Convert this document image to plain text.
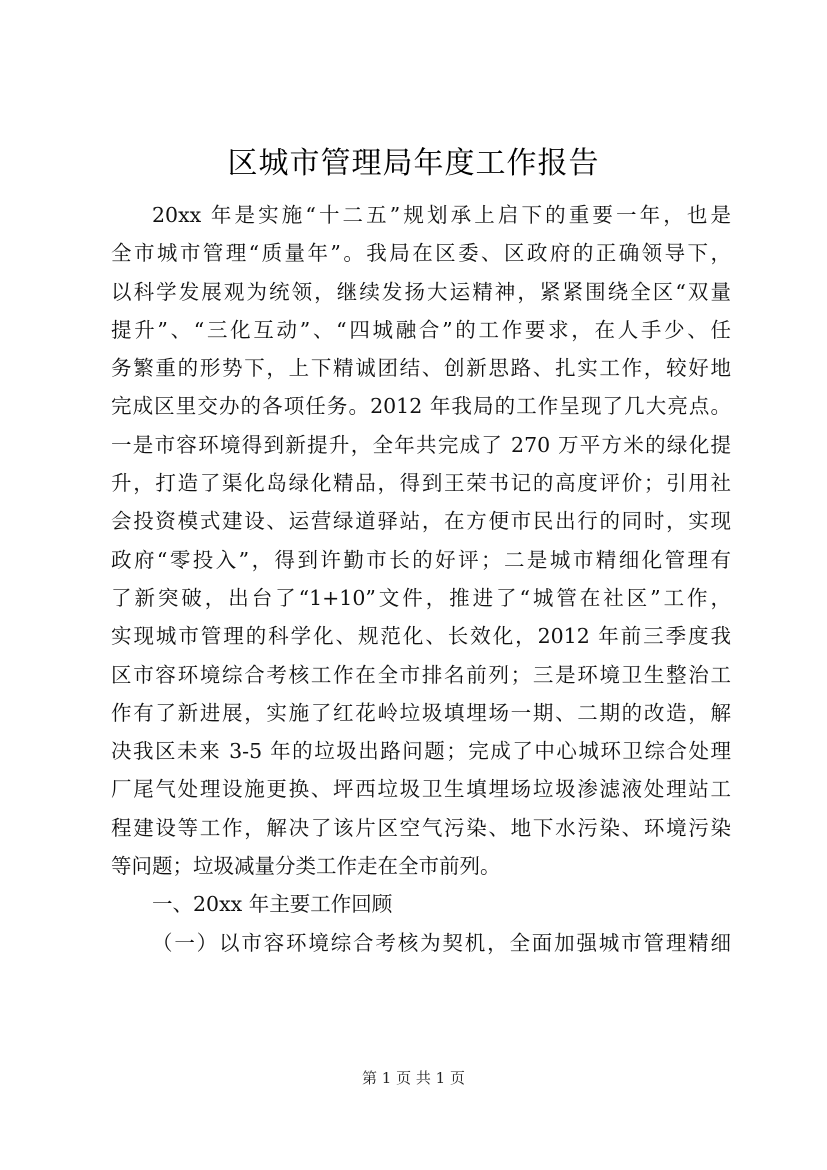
区城市管理局年度工作报告
20xx 年是实施“十二五”规划承上启下的重要一年，也是
全市城市管理“质量年”。我局在区委、区政府的正确领导下，
以科学发展观为统领，继续发扬大运精神，紧紧围绕全区“双量
提升”、“三化互动”、“四城融合”的工作要求，在人手少、任
务繁重的形势下，上下精诚团结、创新思路、扎实工作，较好地
完成区里交办的各项任务。2012 年我局的工作呈现了几大亮点。
一是市容环境得到新提升，全年共完成了 270 万平方米的绿化提
升，打造了渠化岛绿化精品，得到王荣书记的高度评价；引用社
会投资模式建设、运营绿道驿站，在方便市民出行的同时，实现
政府“零投入”，得到许勤市长的好评；二是城市精细化管理有
了新突破，出台了“1+10”文件，推进了“城管在社区”工作，
实现城市管理的科学化、规范化、长效化，2012 年前三季度我
区市容环境综合考核工作在全市排名前列；三是环境卫生整治工
作有了新进展，实施了红花岭垃圾填埋场一期、二期的改造，解
决我区未来 3-5 年的垃圾出路问题；完成了中心城环卫综合处理
厂尾气处理设施更换、坪西垃圾卫生填埋场垃圾渗滤液处理站工
程建设等工作，解决了该片区空气污染、地下水污染、环境污染
等问题；垃圾减量分类工作走在全市前列。
一、20xx 年主要工作回顾
（一）以市容环境综合考核为契机，全面加强城市管理精细
第 1 页 共 1 页
